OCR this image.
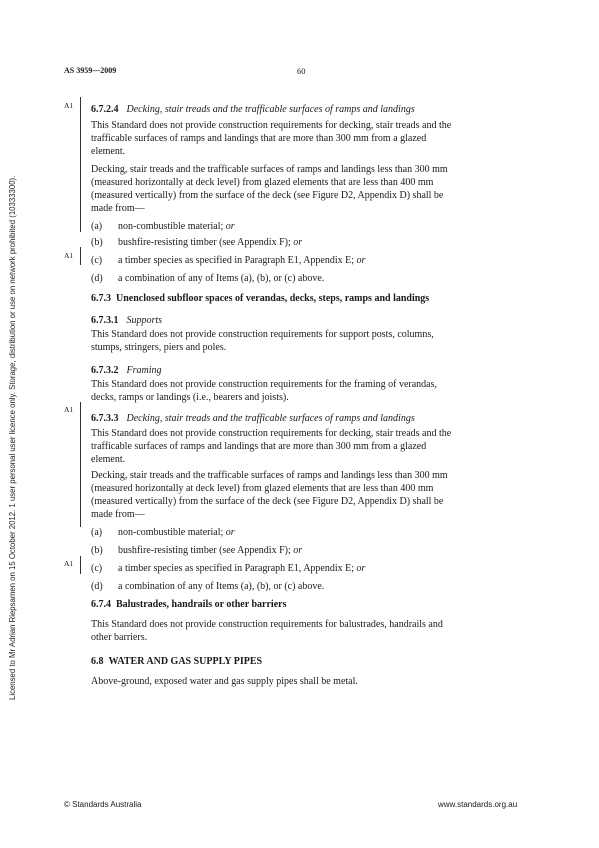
AS 3959—2009	60
Licensed to Mr Adrian Riepsamen on 15 October 2012. 1 user personal user licence only. Storage, distribution or use on network prohibited (10333300).
A1
A1
A1
A1
6.7.2.4 Decking, stair treads and the trafficable surfaces of ramps and landings
This Standard does not provide construction requirements for decking, stair treads and the
trafficable surfaces of ramps and landings that are more than 300 mm from a glazed
element.
Decking, stair treads and the trafficable surfaces of ramps and landings less than 300 mm
(measured horizontally at deck level) from glazed elements that are less than 400 mm
(measured vertically) from the surface of the deck (see Figure D2, Appendix D) shall be
made from—
(a) non-combustible material; or
(b) bushfire-resisting timber (see Appendix F); or
(c) a timber species as specified in Paragraph E1, Appendix E; or
(d) a combination of any of Items (a), (b), or (c) above.
6.7.3 Unenclosed subfloor spaces of verandas, decks, steps, ramps and landings
6.7.3.1 Supports
This Standard does not provide construction requirements for support posts, columns,
stumps, stringers, piers and poles.
6.7.3.2 Framing
This Standard does not provide construction requirements for the framing of verandas,
decks, ramps or landings (i.e., bearers and joists).
6.7.3.3 Decking, stair treads and the trafficable surfaces of ramps and landings
This Standard does not provide construction requirements for decking, stair treads and the
trafficable surfaces of ramps and landings that are more than 300 mm from a glazed
element.
Decking, stair treads and the trafficable surfaces of ramps and landings less than 300 mm
(measured horizontally at deck level) from glazed elements that are less than 400 mm
(measured vertically) from the surface of the deck (see Figure D2, Appendix D) shall be
made from—
(a) non-combustible material; or
(b) bushfire-resisting timber (see Appendix F); or
(c) a timber species as specified in Paragraph E1, Appendix E; or
(d) a combination of any of Items (a), (b), or (c) above.
6.7.4 Balustrades, handrails or other barriers
This Standard does not provide construction requirements for balustrades, handrails and
other barriers.
6.8 WATER AND GAS SUPPLY PIPES
Above-ground, exposed water and gas supply pipes shall be metal.
© Standards Australia	www.standards.org.au
